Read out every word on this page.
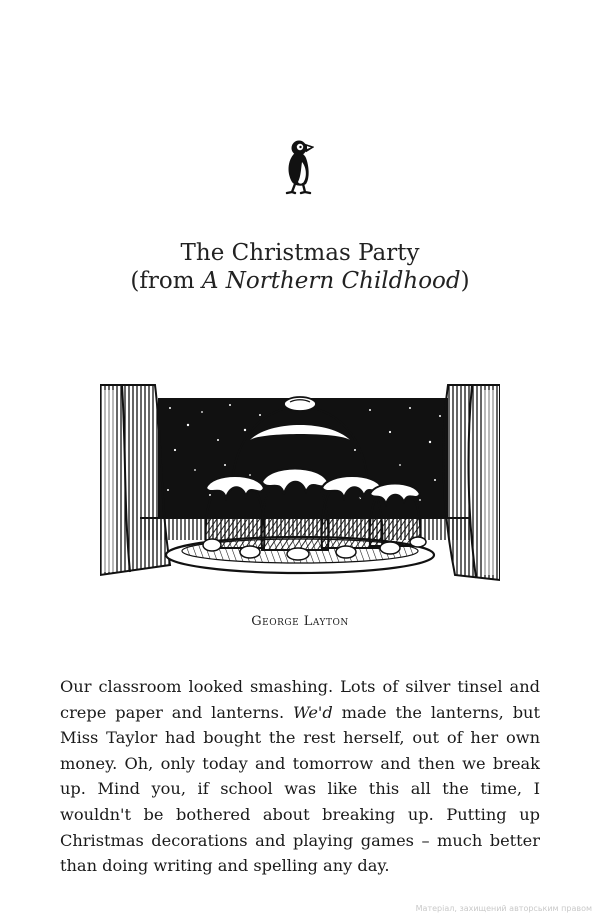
The Christmas Party
(from A Northern Childhood)
George Layton

Our classroom looked smashing. Lots of silver tinsel and crepe paper and lanterns. We'd made the lanterns, but Miss Taylor had bought the rest herself, out of her own money. Oh, only today and tomorrow and then we break up. Mind you, if school was like this all the time, I wouldn't be bothered about breaking up. Putting up Christmas decorations and playing games – much better than doing writing and spelling any day.

Матеріал, захищений авторським правом
